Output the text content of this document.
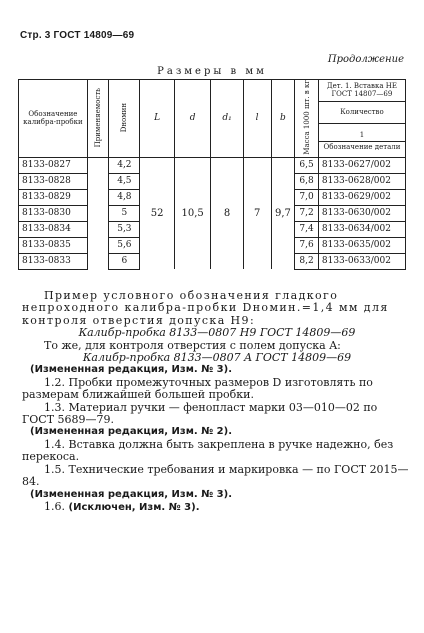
Стр. 3 ГОСТ 14809—69
Продолжение
Размеры в мм
Обозначение калибра-пробки	Применяемость	Dномин	L	d	d₁	l	b	Масса 1000 шт. в кг	Дет. 1. Вставка НЕ ГОСТ 14807—69
									Количество

									1
Обозначение детали

8133-0827		4,2	52	10,5	8	7	9,7	6,5	8133-0627/002
8133-0828		4,5						6,8	8133-0628/002
8133-0829		4,8						7,0	8133-0629/002
8133-0830		5						7,2	8133-0630/002
8133-0834		5,3						7,4	8133-0634/002
8133-0835		5,6						7,6	8133-0635/002
8133-0833		6						8,2	8133-0633/002

Пример условного обозначения гладкого непроходного калибра-пробки Dномин.=1,4 мм для контроля отверстия допуска H9:

Калибр-пробка 8133—0807 H9 ГОСТ 14809—69

То же, для контроля отверстия с полем допуска A:

Калибр-пробка 8133—0807 A ГОСТ 14809—69

(Измененная редакция, Изм. № 3).

1.2. Пробки промежуточных размеров D изготовлять по размерам ближайшей большей пробки.

1.3. Материал ручки — фенопласт марки 03—010—02 по ГОСТ 5689—79.

(Измененная редакция, Изм. № 2).

1.4. Вставка должна быть закреплена в ручке надежно, без перекоса.

1.5. Технические требования и маркировка — по ГОСТ 2015—84.

(Измененная редакция, Изм. № 3).

1.6. (Исключен, Изм. № 3).
